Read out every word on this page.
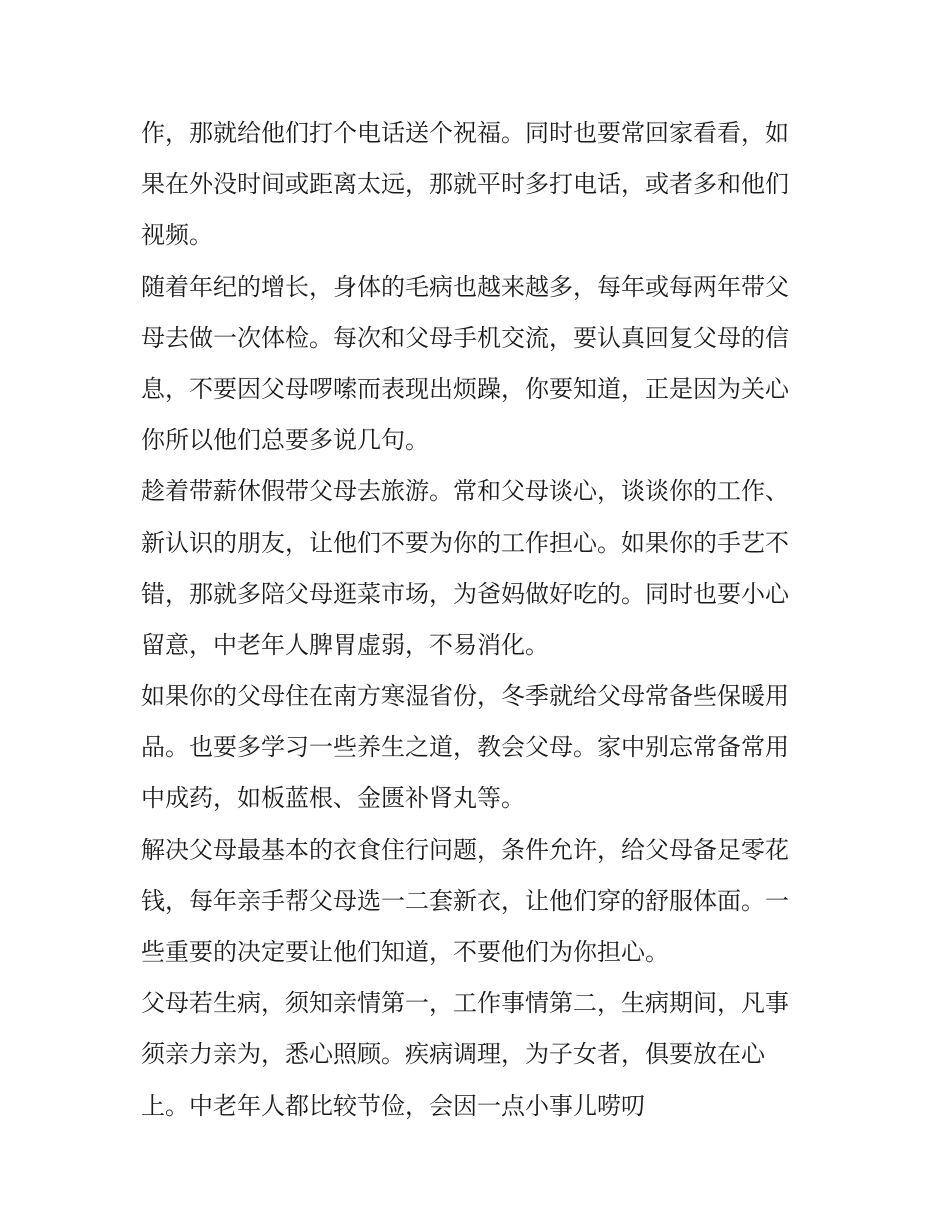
作，那就给他们打个电话送个祝福。同时也要常回家看看，如
果在外没时间或距离太远，那就平时多打电话，或者多和他们
视频。
随着年纪的增长，身体的毛病也越来越多，每年或每两年带父
母去做一次体检。每次和父母手机交流，要认真回复父母的信
息，不要因父母啰嗦而表现出烦躁，你要知道，正是因为关心
你所以他们总要多说几句。
趁着带薪休假带父母去旅游。常和父母谈心，谈谈你的工作、
新认识的朋友，让他们不要为你的工作担心。如果你的手艺不
错，那就多陪父母逛菜市场，为爸妈做好吃的。同时也要小心
留意，中老年人脾胃虚弱，不易消化。
如果你的父母住在南方寒湿省份，冬季就给父母常备些保暖用
品。也要多学习一些养生之道，教会父母。家中别忘常备常用
中成药，如板蓝根、金匮补肾丸等。
解决父母最基本的衣食住行问题，条件允许，给父母备足零花
钱，每年亲手帮父母选一二套新衣，让他们穿的舒服体面。一
些重要的决定要让他们知道，不要他们为你担心。
父母若生病，须知亲情第一，工作事情第二，生病期间，凡事
须亲力亲为，悉心照顾。疾病调理，为子女者，俱要放在心
上。中老年人都比较节俭，会因一点小事儿唠叨
